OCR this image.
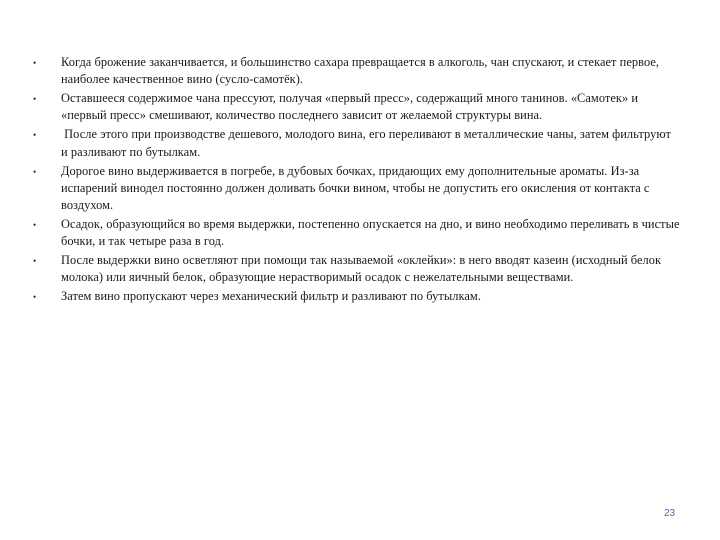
• Когда брожение заканчивается, и большинство сахара превращается в алкоголь, чан спускают, и стекает первое, наиболее качественное вино (сусло-самотёк).
• Оставшееся содержимое чана прессуют, получая «первый пресс», содержащий много танинов. «Самотек» и «первый пресс» смешивают, количество последнего зависит от желаемой структуры вина.
• После этого при производстве дешевого, молодого вина, его переливают в металлические чаны, затем фильтруют и разливают по бутылкам.
• Дорогое вино выдерживается в погребе, в дубовых бочках, придающих ему дополнительные ароматы. Из-за испарений винодел постоянно должен доливать бочки вином, чтобы не допустить его окисления от контакта с воздухом.
• Осадок, образующийся во время выдержки, постепенно опускается на дно, и вино необходимо переливать в чистые бочки, и так четыре раза в год.
• После выдержки вино осветляют при помощи так называемой «оклейки»: в него вводят казеин (исходный белок  молока) или яичный белок, образующие нерастворимый осадок с нежелательными веществами.
• Затем вино пропускают через механический фильтр и разливают по бутылкам.
23
